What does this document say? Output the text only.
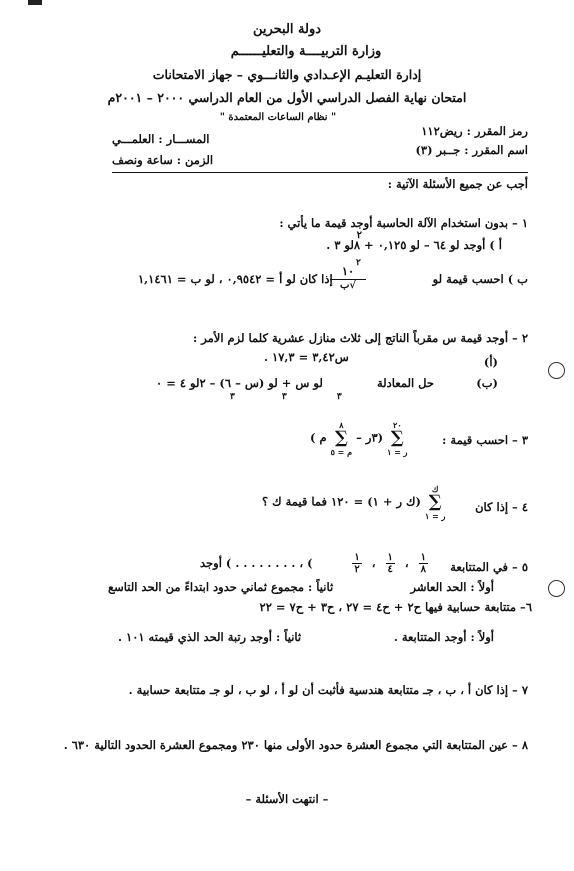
دولة البحرين
وزارة التربيــــة والتعليــــــم
إدارة التعليـم الإعـدادي والثانـــوي – جهاز الامتحانات
امتحان نهاية الفصل الدراسي الأول من العام الدراسي ٢٠٠٠ – ٢٠٠١م
" نظام الساعات المعتمدة "
رمز المقرر : ريض١١٢
اسم المقرر : جــبر (٣)
المســـار : العلمـــي
الزمن : ساعة ونصف
أجب عن جميع الأسئلة الآتية :
١ – بدون استخدام الآلة الحاسبة أوجد قيمة ما يأتي :
٢
أ ) أوجد لو ٦٤ – لو ٠,١٢٥ + ٨لو ٣ .
ب ) احسب قيمة لو
٢
١٠
√ب
إذا كان لو أ = ٠,٩٥٤٢ ، لو ب = ١,١٤٦١
٢ – أوجد قيمة س مقرباً الناتج إلى ثلاث منازل عشرية كلما لزم الأمر :
(أ)
س٣,٤٢ = ١٧,٣ .
(ب)
حل المعادلة
لو س + لو (س – ٦) – ٢لو ٤ = ٠
٣                ٣               ٣
٣ – احسب قيمة :
٢٠
∑
ر = ١
(٣ر –
٨
∑
م = ٥
م )
٤ – إذا كان
ك
∑
ر = ١
(ك ر + ١) = ١٢٠ فما قيمة ك ؟
٥ – في المتتابعة
$\frac{١}{٨}$
،
$\frac{١}{٤}$
،
$\frac{١}{٢}$
) ، . . . . . . . . ) أوجد
أولاً : الحد العاشر
ثانياً : مجموع ثماني حدود ابتداءً من الحد التاسع
٦– متتابعة حسابية فيها ح٢ + ح٤ = ٢٧ ، ح٣ + ح٧ = ٢٢
أولاً : أوجد المتتابعة .
ثانياً : أوجد رتبة الحد الذي قيمته ١٠١ .
٧ – إذا كان أ ، ب ، جـ متتابعة هندسية فأثبت أن لو أ ، لو ب ، لو جـ متتابعة حسابية .
٨ – عين المتتابعة التي مجموع العشرة حدود الأولى منها ٢٣٠ ومجموع العشرة الحدود التالية ٦٣٠ .
– انتهت الأسئلة –
